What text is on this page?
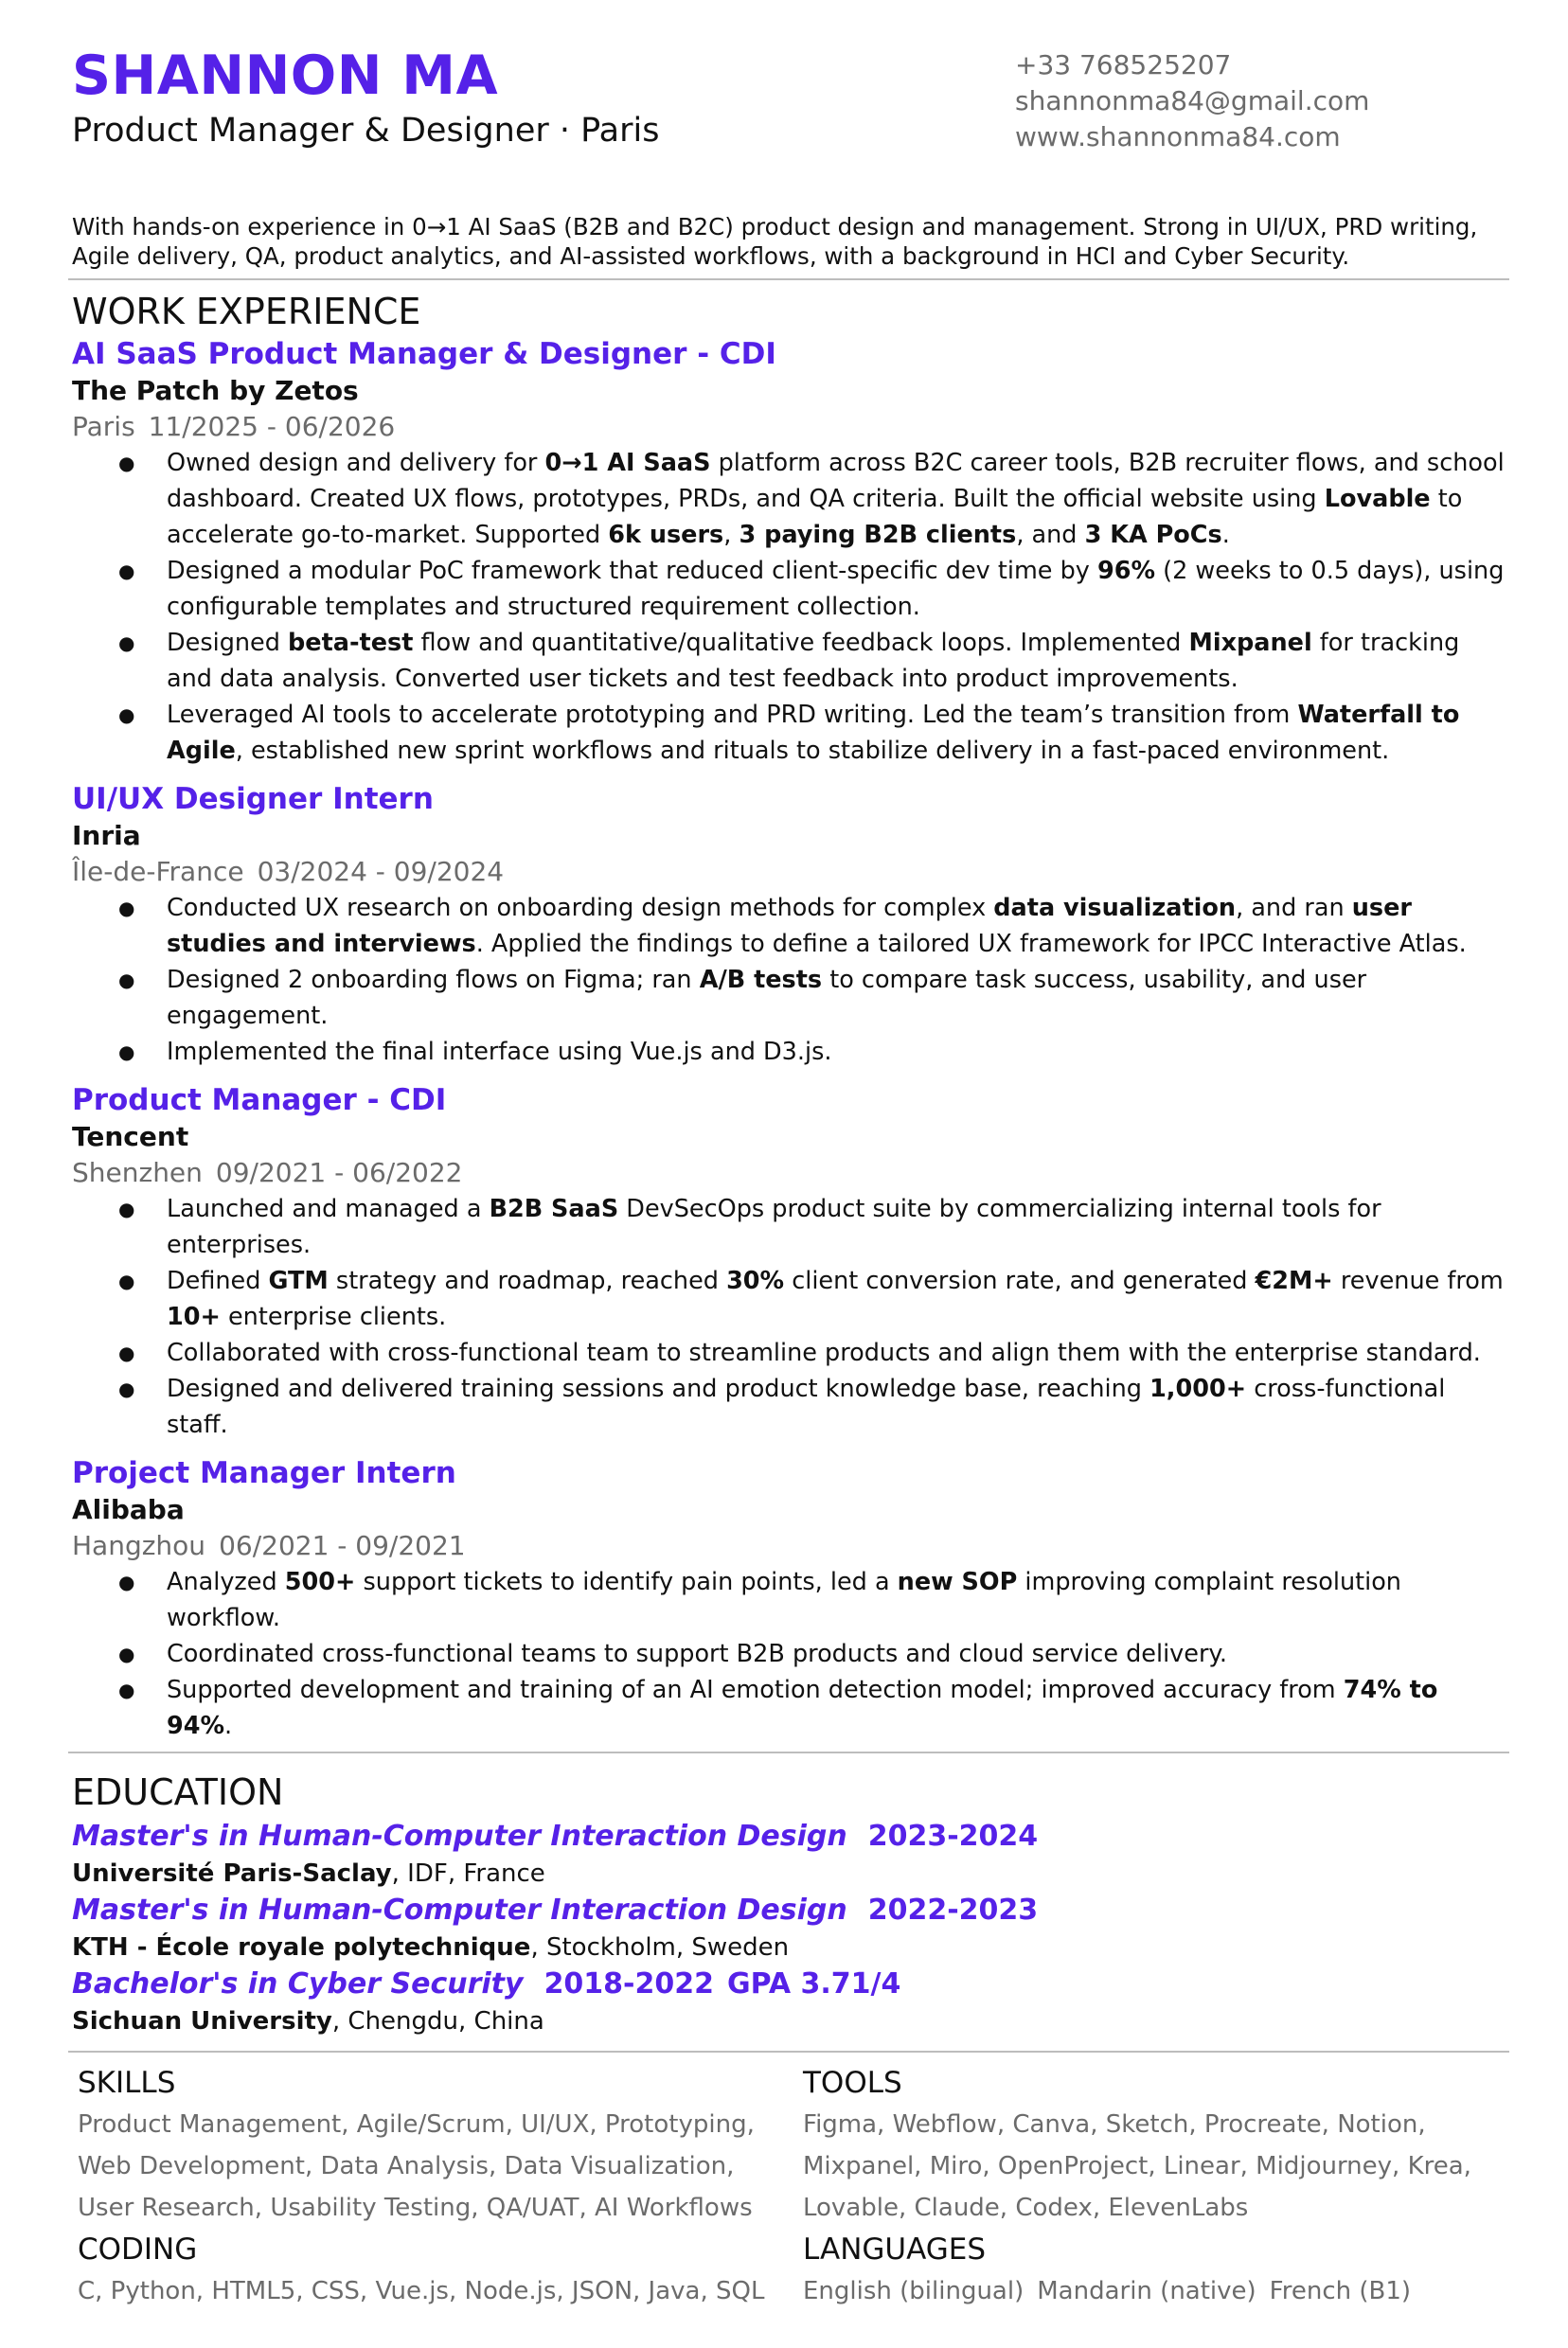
SHANNON MA
Product Manager & Designer · Paris
+33 768525207
shannonma84@gmail.com
www.shannonma84.com
With hands-on experience in 0→1 AI SaaS (B2B and B2C) product design and management. Strong in UI/UX, PRD writing, Agile delivery, QA, product analytics, and AI-assisted workflows, with a background in HCI and Cyber Security.
WORK EXPERIENCE
AI SaaS Product Manager & Designer - CDI
The Patch by Zetos
Paris 11/2025 - 06/2026
● Owned design and delivery for 0→1 AI SaaS platform across B2C career tools, B2B recruiter flows, and school dashboard. Created UX flows, prototypes, PRDs, and QA criteria. Built the official website using Lovable to accelerate go-to-market. Supported 6k users, 3 paying B2B clients, and 3 KA PoCs.
● Designed a modular PoC framework that reduced client-specific dev time by 96% (2 weeks to 0.5 days), using configurable templates and structured requirement collection.
● Designed beta-test flow and quantitative/qualitative feedback loops. Implemented Mixpanel for tracking and data analysis. Converted user tickets and test feedback into product improvements.
● Leveraged AI tools to accelerate prototyping and PRD writing. Led the team’s transition from Waterfall to Agile, established new sprint workflows and rituals to stabilize delivery in a fast-paced environment.
UI/UX Designer Intern
Inria
Île-de-France 03/2024 - 09/2024
● Conducted UX research on onboarding design methods for complex data visualization, and ran user studies and interviews. Applied the findings to define a tailored UX framework for IPCC Interactive Atlas.
● Designed 2 onboarding flows on Figma; ran A/B tests to compare task success, usability, and user engagement.
● Implemented the final interface using Vue.js and D3.js.
Product Manager - CDI
Tencent
Shenzhen 09/2021 - 06/2022
● Launched and managed a B2B SaaS DevSecOps product suite by commercializing internal tools for enterprises.
● Defined GTM strategy and roadmap, reached 30% client conversion rate, and generated €2M+ revenue from 10+ enterprise clients.
● Collaborated with cross-functional team to streamline products and align them with the enterprise standard.
● Designed and delivered training sessions and product knowledge base, reaching 1,000+ cross-functional staff.
Project Manager Intern
Alibaba
Hangzhou 06/2021 - 09/2021
● Analyzed 500+ support tickets to identify pain points, led a new SOP improving complaint resolution workflow.
● Coordinated cross-functional teams to support B2B products and cloud service delivery.
● Supported development and training of an AI emotion detection model; improved accuracy from 74% to 94%.
EDUCATION
Master's in Human-Computer Interaction Design 2023-2024
Université Paris-Saclay, IDF, France
Master's in Human-Computer Interaction Design 2022-2023
KTH - École royale polytechnique, Stockholm, Sweden
Bachelor's in Cyber Security 2018-2022 GPA 3.71/4
Sichuan University, Chengdu, China
SKILLS
Product Management, Agile/Scrum, UI/UX, Prototyping, Web Development, Data Analysis, Data Visualization, User Research, Usability Testing, QA/UAT, AI Workflows
CODING
C, Python, HTML5, CSS, Vue.js, Node.js, JSON, Java, SQL
TOOLS
Figma, Webflow, Canva, Sketch, Procreate, Notion, Mixpanel, Miro, OpenProject, Linear, Midjourney, Krea, Lovable, Claude, Codex, ElevenLabs
LANGUAGES
English (bilingual) Mandarin (native) French (B1)
